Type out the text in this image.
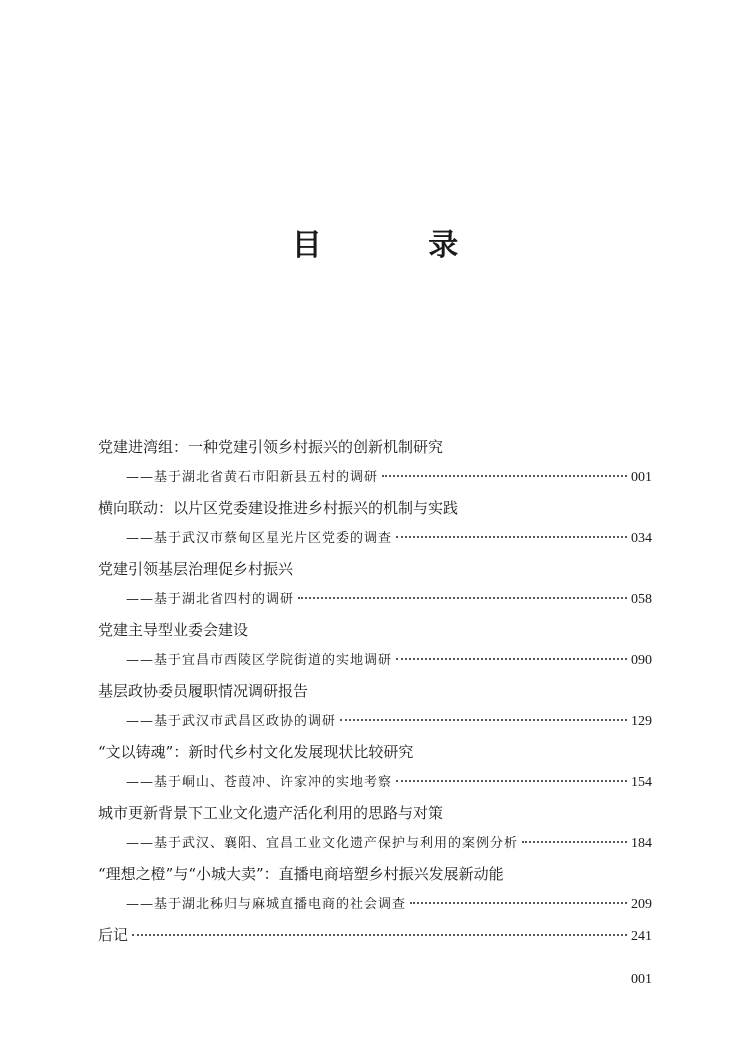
目 录
党建进湾组：一种党建引领乡村振兴的创新机制研究
——基于湖北省黄石市阳新县五村的调研	001
横向联动：以片区党委建设推进乡村振兴的机制与实践
——基于武汉市蔡甸区星光片区党委的调查	034
党建引领基层治理促乡村振兴
——基于湖北省四村的调研	058
党建主导型业委会建设
——基于宜昌市西陵区学院街道的实地调研	090
基层政协委员履职情况调研报告
——基于武汉市武昌区政协的调研	129
“文以铸魂”：新时代乡村文化发展现状比较研究
——基于峒山、苍葭冲、许家冲的实地考察	154
城市更新背景下工业文化遗产活化利用的思路与对策
——基于武汉、襄阳、宜昌工业文化遗产保护与利用的案例分析	184
“理想之橙”与“小城大卖”：直播电商培塑乡村振兴发展新动能
——基于湖北秭归与麻城直播电商的社会调查	209
后记	241
001
